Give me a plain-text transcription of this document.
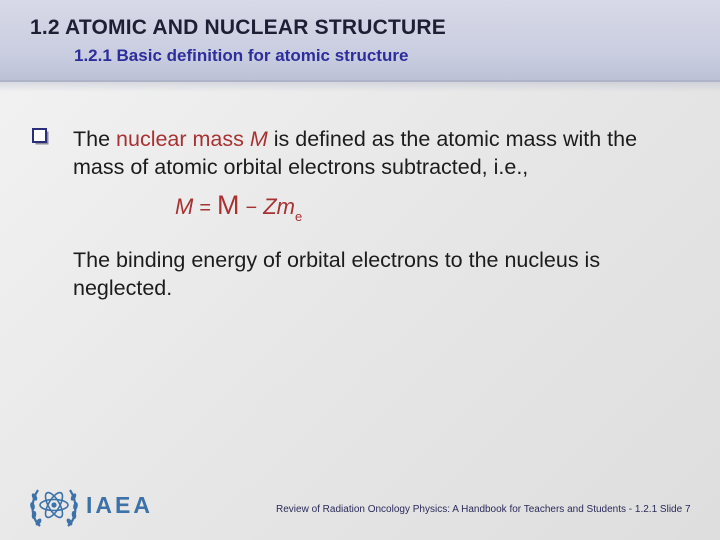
1.2 ATOMIC AND NUCLEAR STRUCTURE
1.2.1 Basic definition for atomic structure

The nuclear mass M is defined as the atomic mass with the mass of atomic orbital electrons subtracted, i.e.,

$M = M - Zm_e$

The binding energy of orbital electrons to the nucleus is neglected.

IAEA	Review of Radiation Oncology Physics: A Handbook for Teachers and Students - 1.2.1 Slide 7
